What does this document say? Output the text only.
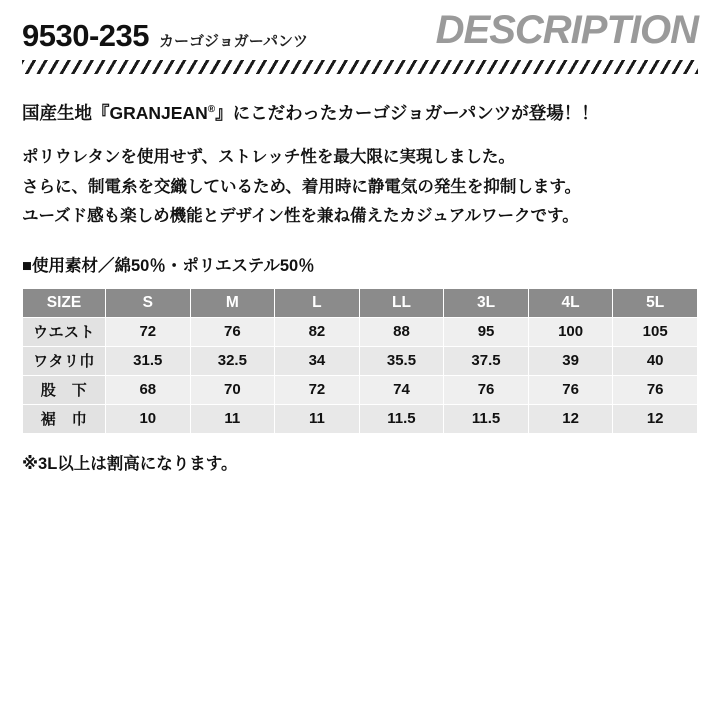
9530-235 カーゴジョガーパンツ	DESCRIPTION
国産生地『GRANJEAN®』にこだわったカーゴジョガーパンツが登場！！

ポリウレタンを使用せず、ストレッチ性を最大限に実現しました。

さらに、制電糸を交織しているため、着用時に静電気の発生を抑制します。

ユーズド感も楽しめ機能とデザイン性を兼ね備えたカジュアルワークです。

■使用素材／綿50％・ポリエステル50％
SIZE	S	M	L	LL	3L	4L	5L
ウエスト	72	76	82	88	95	100	105
ワタリ巾	31.5	32.5	34	35.5	37.5	39	40
股　下	68	70	72	74	76	76	76
裾　巾	10	11	11	11.5	11.5	12	12
※3L以上は割高になります。
